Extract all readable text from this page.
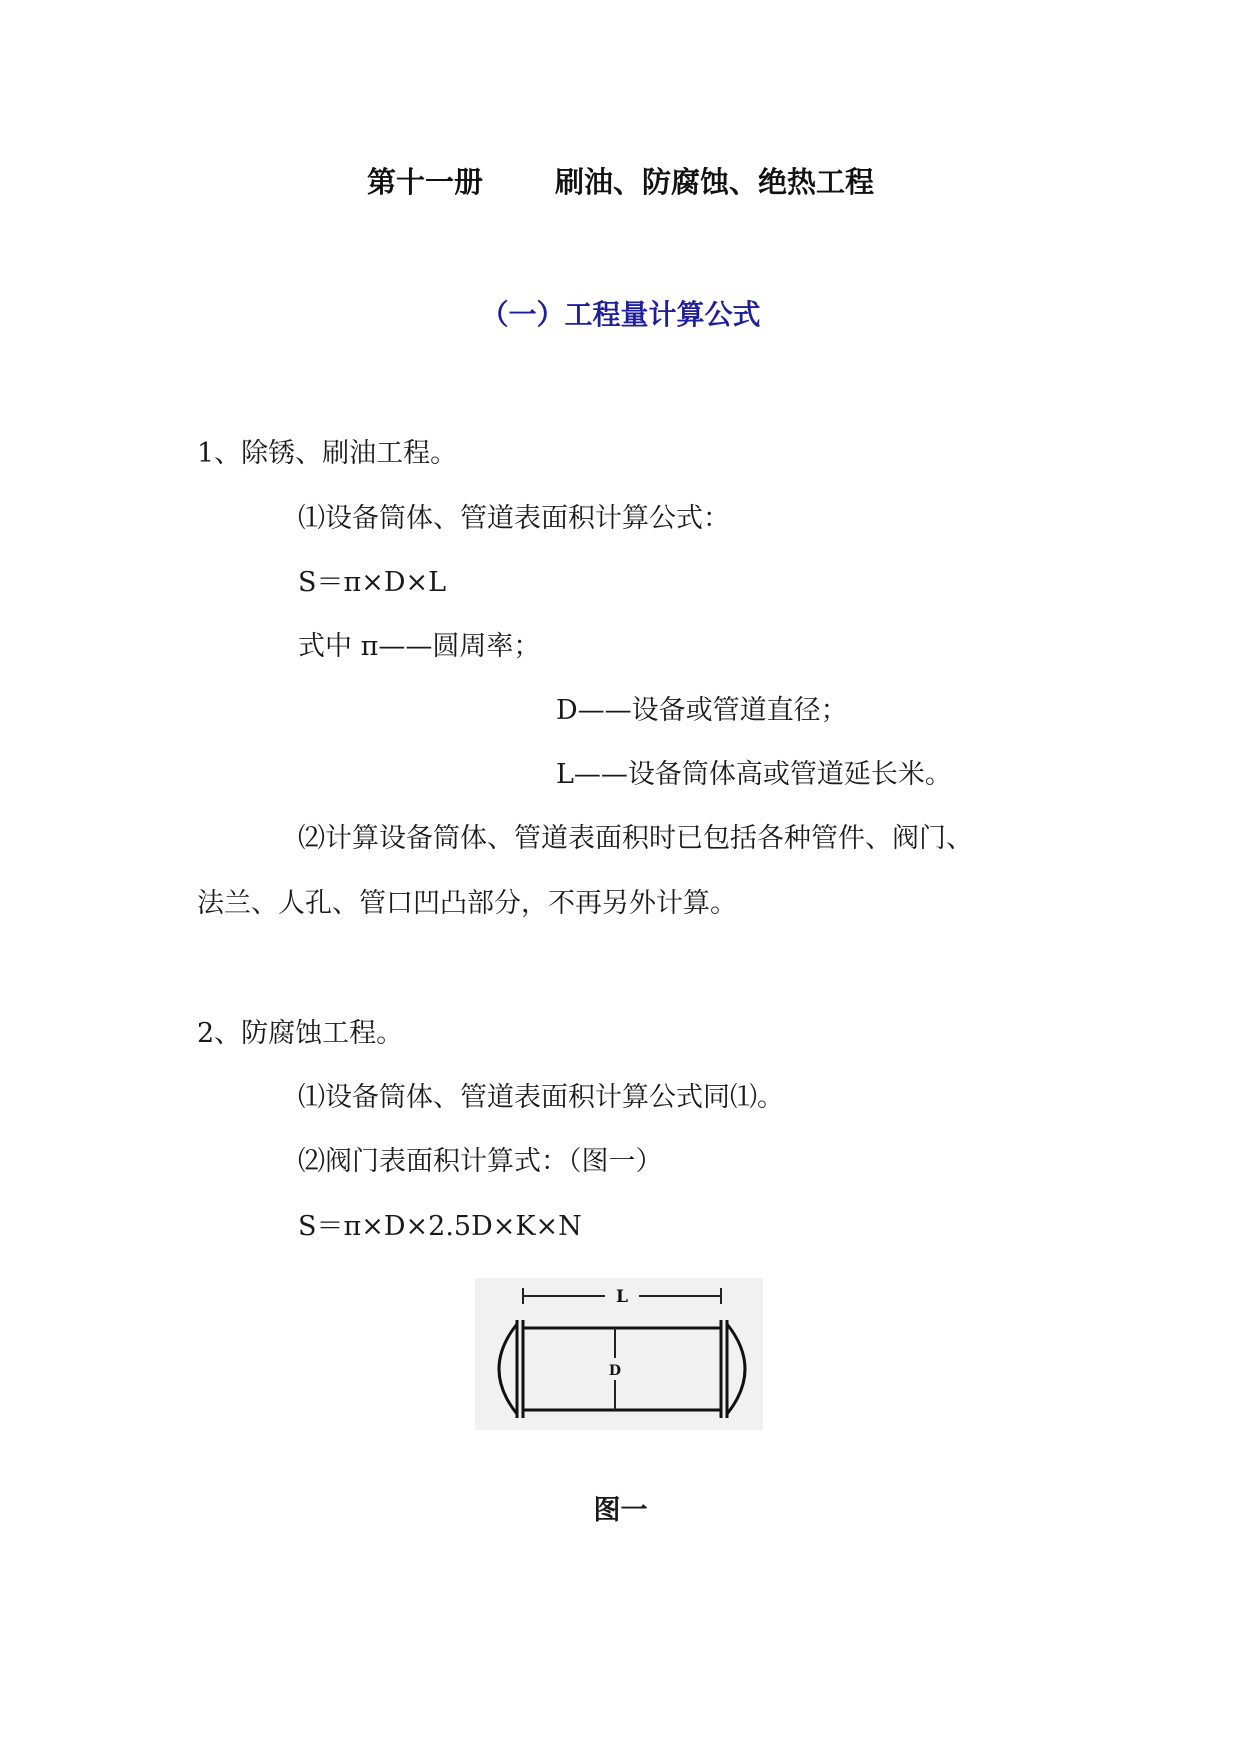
第十一册 刷油、防腐蚀、绝热工程
（一）工程量计算公式
1、除锈、刷油工程。
⑴设备筒体、管道表面积计算公式：
S＝π×D×L
式中 π——圆周率；
D——设备或管道直径；
L——设备筒体高或管道延长米。
⑵计算设备筒体、管道表面积时已包括各种管件、阀门、
法兰、人孔、管口凹凸部分，不再另外计算。
2、防腐蚀工程。
⑴设备筒体、管道表面积计算公式同⑴。
⑵阀门表面积计算式：（图一）
S＝π×D×2.5D×K×N
L
D
图一
